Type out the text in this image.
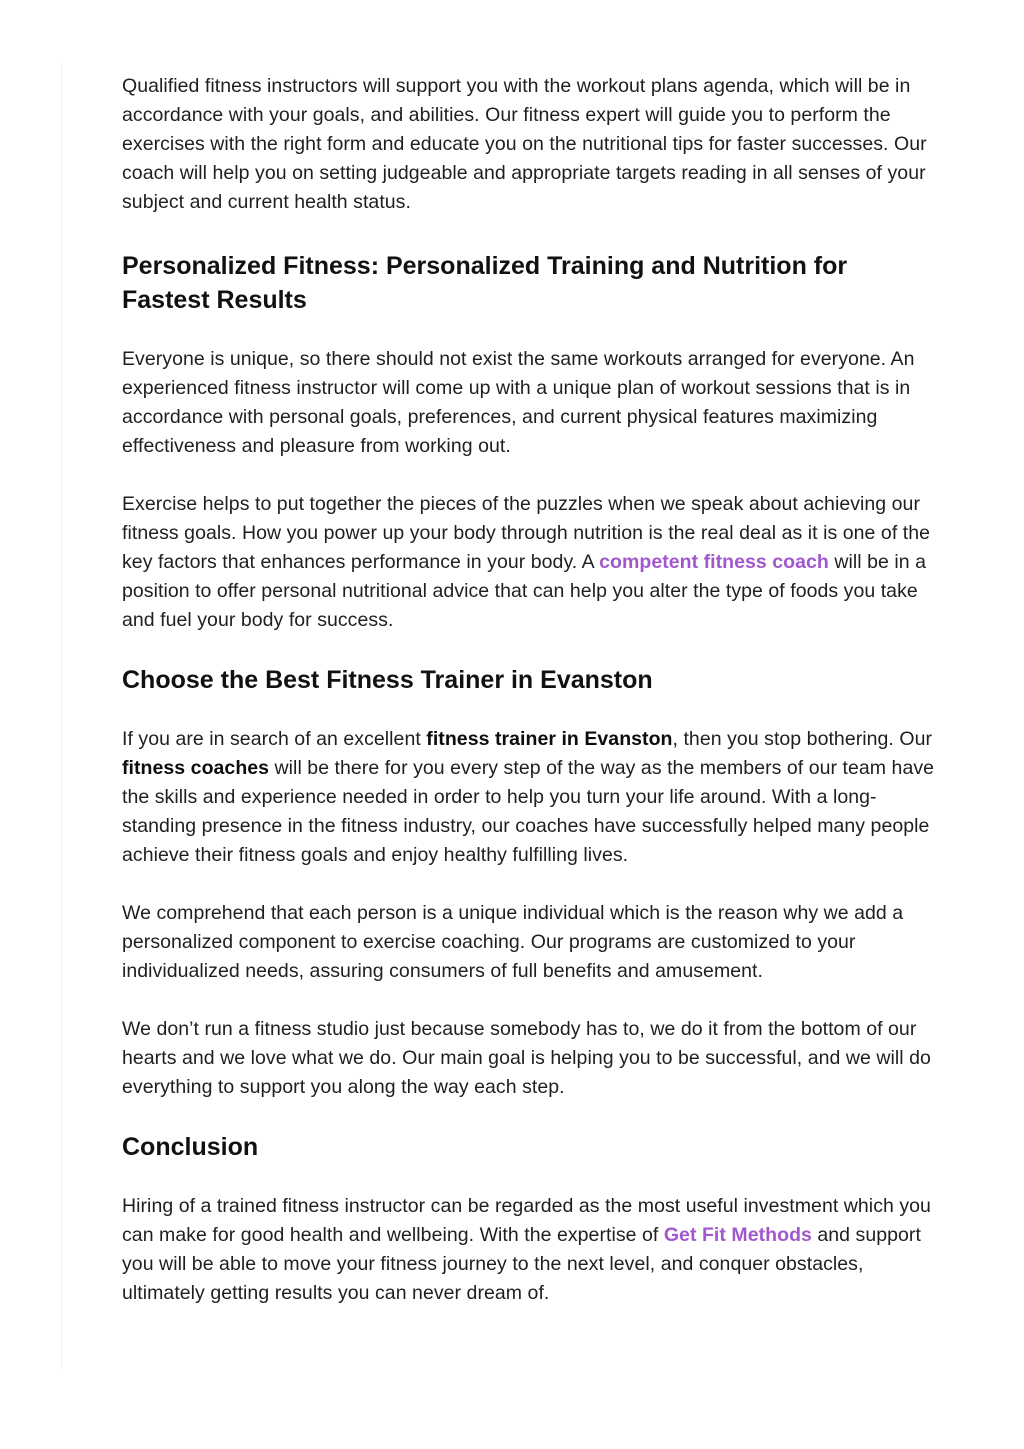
Qualified fitness instructors will support you with the workout plans agenda, which will be in accordance with your goals, and abilities. Our fitness expert will guide you to perform the exercises with the right form and educate you on the nutritional tips for faster successes. Our coach will help you on setting judgeable and appropriate targets reading in all senses of your subject and current health status.

Personalized Fitness: Personalized Training and Nutrition for Fastest Results

Everyone is unique, so there should not exist the same workouts arranged for everyone. An experienced fitness instructor will come up with a unique plan of workout sessions that is in accordance with personal goals, preferences, and current physical features maximizing effectiveness and pleasure from working out.

Exercise helps to put together the pieces of the puzzles when we speak about achieving our fitness goals. How you power up your body through nutrition is the real deal as it is one of the key factors that enhances performance in your body. A competent fitness coach will be in a position to offer personal nutritional advice that can help you alter the type of foods you take and fuel your body for success.

Choose the Best Fitness Trainer in Evanston

If you are in search of an excellent fitness trainer in Evanston, then you stop bothering. Our fitness coaches will be there for you every step of the way as the members of our team have the skills and experience needed in order to help you turn your life around. With a long-standing presence in the fitness industry, our coaches have successfully helped many people achieve their fitness goals and enjoy healthy fulfilling lives.

We comprehend that each person is a unique individual which is the reason why we add a personalized component to exercise coaching. Our programs are customized to your individualized needs, assuring consumers of full benefits and amusement.

We don’t run a fitness studio just because somebody has to, we do it from the bottom of our hearts and we love what we do. Our main goal is helping you to be successful, and we will do everything to support you along the way each step.

Conclusion

Hiring of a trained fitness instructor can be regarded as the most useful investment which you can make for good health and wellbeing. With the expertise of Get Fit Methods and support you will be able to move your fitness journey to the next level, and conquer obstacles, ultimately getting results you can never dream of.
